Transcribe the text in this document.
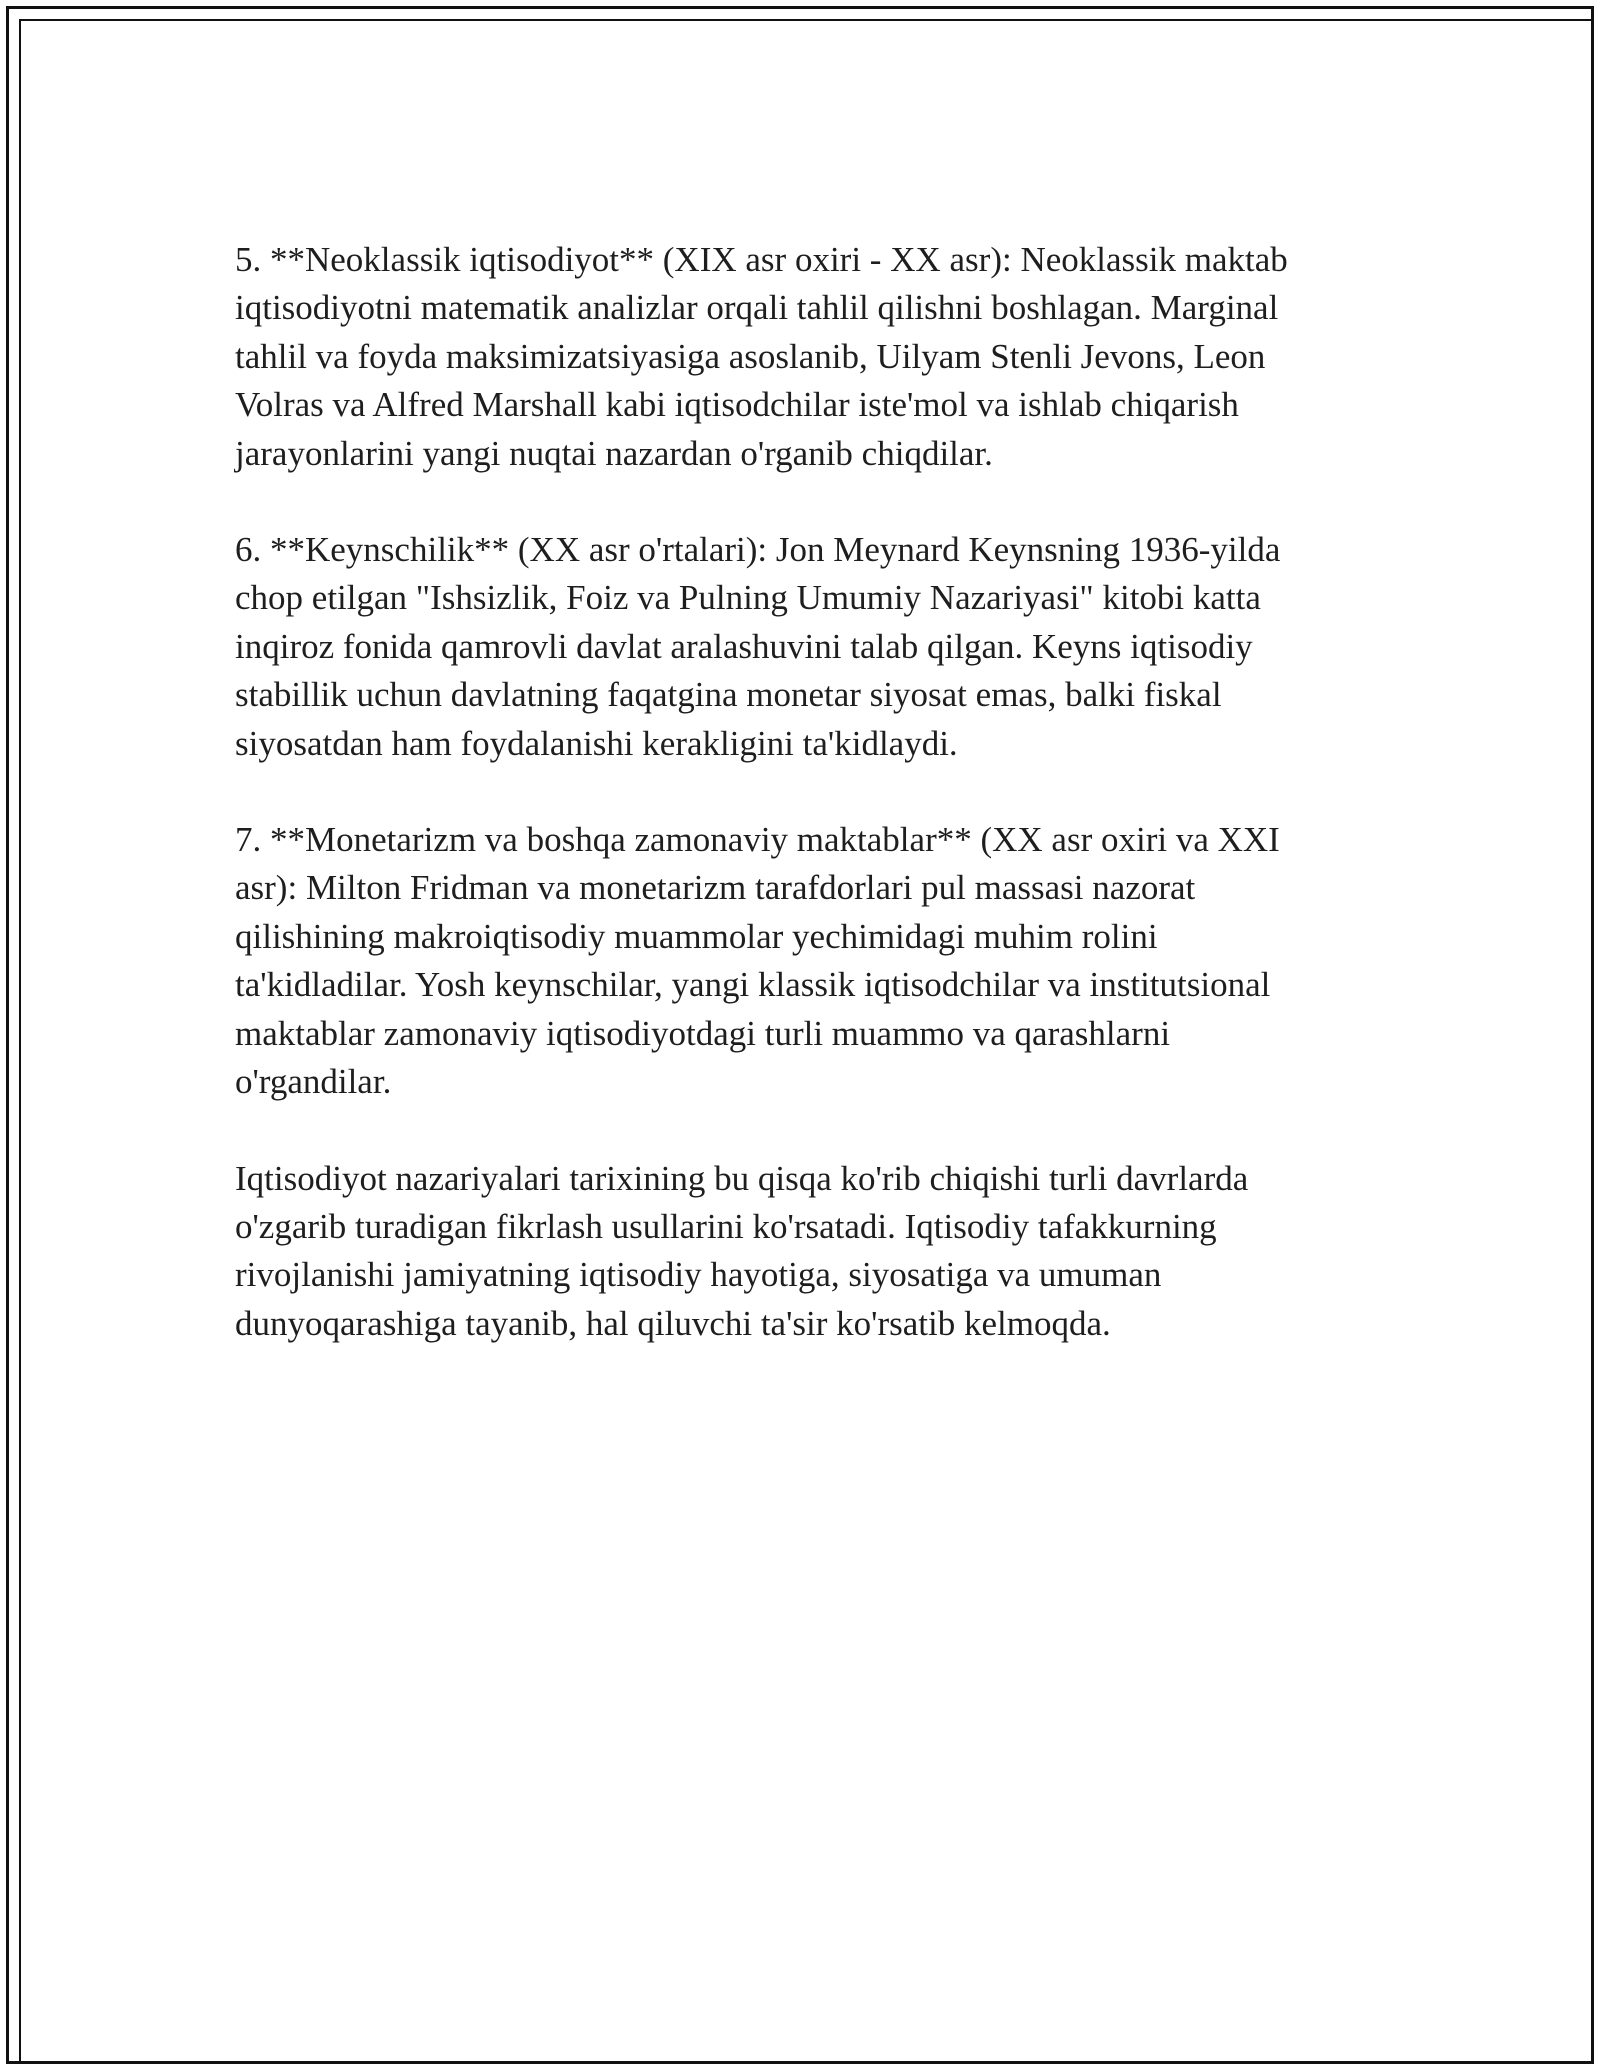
5. **Neoklassik iqtisodiyot** (XIX asr oxiri - XX asr): Neoklassik maktab
iqtisodiyotni matematik analizlar orqali tahlil qilishni boshlagan. Marginal
tahlil va foyda maksimizatsiyasiga asoslanib, Uilyam Stenli Jevons, Leon
Volras va Alfred Marshall kabi iqtisodchilar iste'mol va ishlab chiqarish
jarayonlarini yangi nuqtai nazardan o'rganib chiqdilar.

6. **Keynschilik** (XX asr o'rtalari): Jon Meynard Keynsning 1936-yilda
chop etilgan "Ishsizlik, Foiz va Pulning Umumiy Nazariyasi" kitobi katta
inqiroz fonida qamrovli davlat aralashuvini talab qilgan. Keyns iqtisodiy
stabillik uchun davlatning faqatgina monetar siyosat emas, balki fiskal
siyosatdan ham foydalanishi kerakligini ta'kidlaydi.

7. **Monetarizm va boshqa zamonaviy maktablar** (XX asr oxiri va XXI
asr): Milton Fridman va monetarizm tarafdorlari pul massasi nazorat
qilishining makroiqtisodiy muammolar yechimidagi muhim rolini
ta'kidladilar. Yosh keynschilar, yangi klassik iqtisodchilar va institutsional
maktablar zamonaviy iqtisodiyotdagi turli muammo va qarashlarni
o'rgandilar.

Iqtisodiyot nazariyalari tarixining bu qisqa ko'rib chiqishi turli davrlarda
o'zgarib turadigan fikrlash usullarini ko'rsatadi. Iqtisodiy tafakkurning
rivojlanishi jamiyatning iqtisodiy hayotiga, siyosatiga va umuman
dunyoqarashiga tayanib, hal qiluvchi ta'sir ko'rsatib kelmoqda.
